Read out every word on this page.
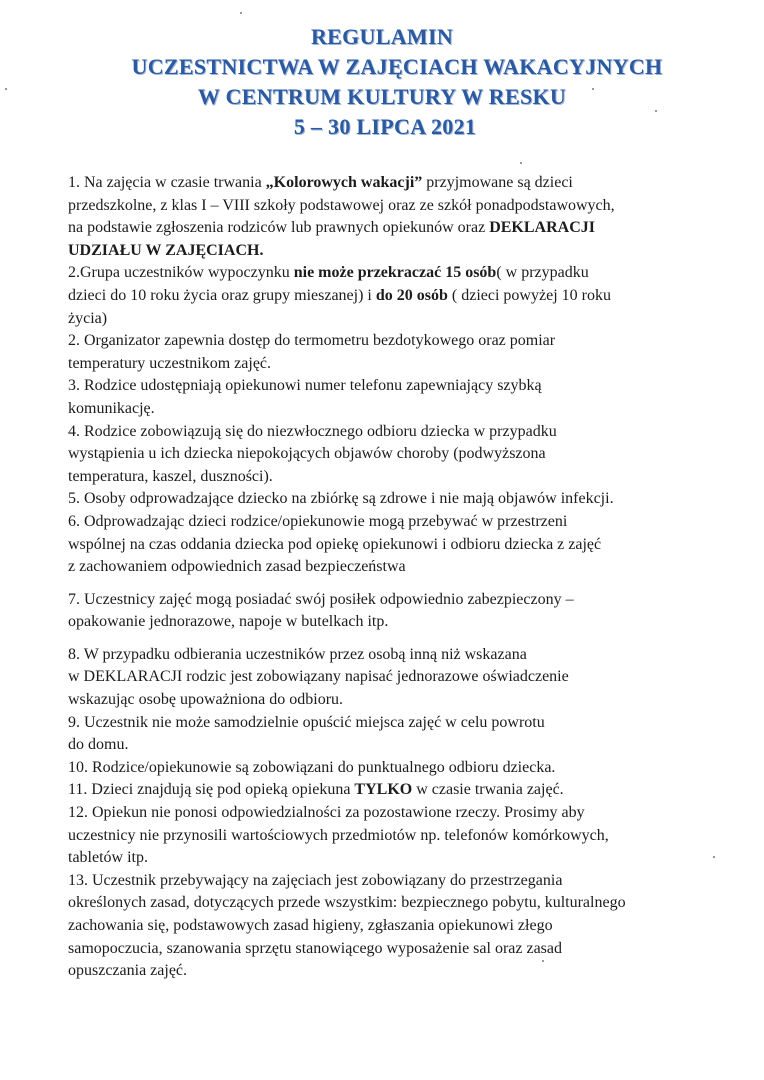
REGULAMIN
UCZESTNICTWA W ZAJĘCIACH WAKACYJNYCH
W CENTRUM KULTURY W RESKU
5 – 30 LIPCA 2021
1. Na zajęcia w czasie trwania „Kolorowych wakacji” przyjmowane są dzieci
przedszkolne, z klas I – VIII szkoły podstawowej oraz ze szkół ponadpodstawowych,
na podstawie zgłoszenia rodziców lub prawnych opiekunów oraz DEKLARACJI
UDZIAŁU W ZAJĘCIACH.
2.Grupa uczestników wypoczynku nie może przekraczać 15 osób( w przypadku
dzieci do 10 roku życia oraz grupy mieszanej) i do 20 osób ( dzieci powyżej 10 roku
życia)
2. Organizator zapewnia dostęp do termometru bezdotykowego oraz pomiar
temperatury uczestnikom zajęć.
3. Rodzice udostępniają opiekunowi numer telefonu zapewniający szybką
komunikację.
4. Rodzice zobowiązują się do niezwłocznego odbioru dziecka w przypadku
wystąpienia u ich dziecka niepokojących objawów choroby (podwyższona
temperatura, kaszel, duszności).
5. Osoby odprowadzające dziecko na zbiórkę są zdrowe i nie mają objawów infekcji.
6. Odprowadzając dzieci rodzice/opiekunowie mogą przebywać w przestrzeni
wspólnej na czas oddania dziecka pod opiekę opiekunowi i odbioru dziecka z zajęć
z zachowaniem odpowiednich zasad bezpieczeństwa
7. Uczestnicy zajęć mogą posiadać swój posiłek odpowiednio zabezpieczony –
opakowanie jednorazowe, napoje w butelkach itp.
8. W przypadku odbierania uczestników przez osobą inną niż wskazana
w DEKLARACJI rodzic jest zobowiązany napisać jednorazowe oświadczenie
wskazując osobę upoważniona do odbioru.
9. Uczestnik nie może samodzielnie opuścić miejsca zajęć w celu powrotu
do domu.
10. Rodzice/opiekunowie są zobowiązani do punktualnego odbioru dziecka.
11. Dzieci znajdują się pod opieką opiekuna TYLKO w czasie trwania zajęć.
12. Opiekun nie ponosi odpowiedzialności za pozostawione rzeczy. Prosimy aby
uczestnicy nie przynosili wartościowych przedmiotów np. telefonów komórkowych,
tabletów itp.
13. Uczestnik przebywający na zajęciach jest zobowiązany do przestrzegania
określonych zasad, dotyczących przede wszystkim: bezpiecznego pobytu, kulturalnego
zachowania się, podstawowych zasad higieny, zgłaszania opiekunowi złego
samopoczucia, szanowania sprzętu stanowiącego wyposażenie sal oraz zasad
opuszczania zajęć.
